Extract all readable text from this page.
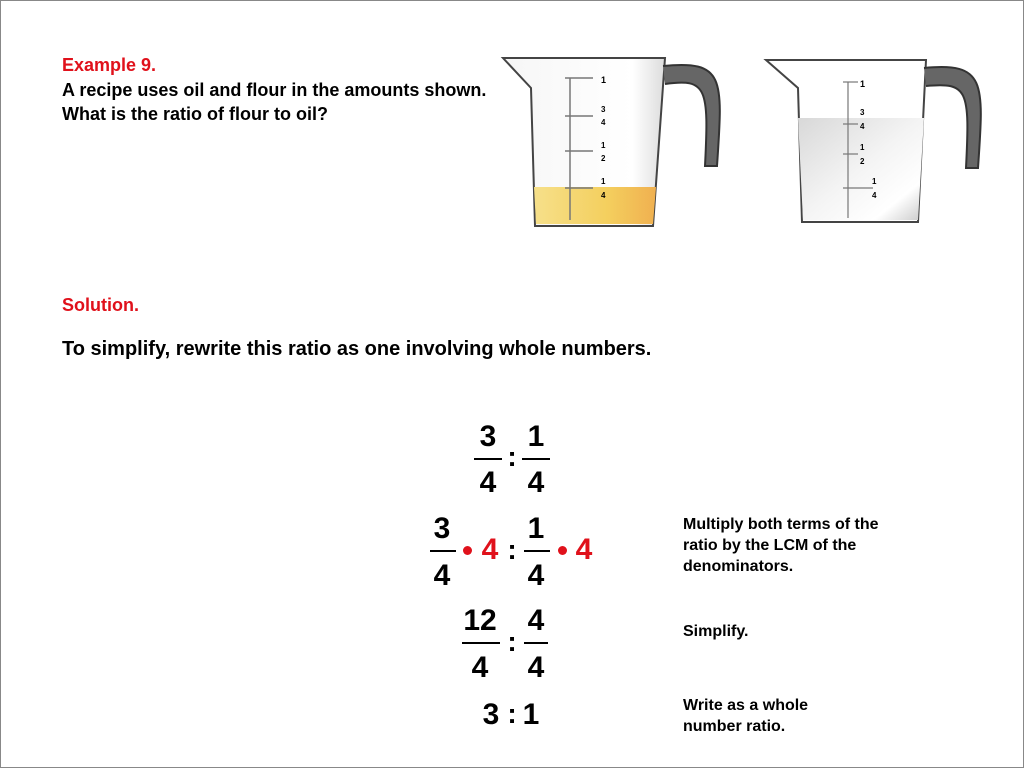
Example 9.
A recipe uses oil and flour in the amounts shown. What is the ratio of flour to oil?
1
3
4
1
2
1
4
1
3
4
1
2
1
4
Solution.
To simplify, rewrite this ratio as one involving whole numbers.
3
4
:
1
4
3
4
4 :
1
4
4
Multiply both terms of the ratio by the LCM of the denominators.
12
4
:
4
4
Simplify.
3 : 1	Write as a whole number ratio.
